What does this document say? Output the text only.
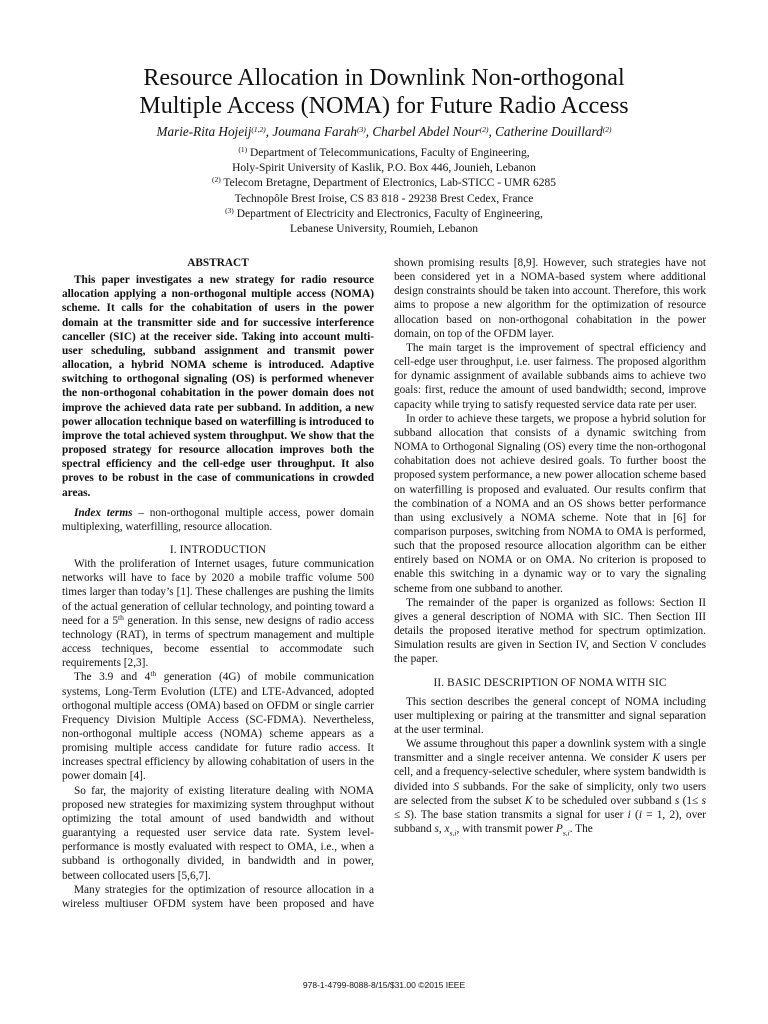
Resource Allocation in Downlink Non-orthogonal
Multiple Access (NOMA) for Future Radio Access
Marie-Rita Hojeij$^{(1,2)}$, Joumana Farah$^{(3)}$, Charbel Abdel Nour$^{(2)}$, Catherine Douillard$^{(2)}$
$^{(1)}$ Department of Telecommunications, Faculty of Engineering,
Holy-Spirit University of Kaslik, P.O. Box 446, Jounieh, Lebanon
$^{(2)}$ Telecom Bretagne, Department of Electronics, Lab-STICC - UMR 6285
Technopôle Brest Iroise, CS 83 818 - 29238 Brest Cedex, France
$^{(3)}$ Department of Electricity and Electronics, Faculty of Engineering,
Lebanese University, Roumieh, Lebanon
ABSTRACT

This paper investigates a new strategy for radio resource allocation applying a non-orthogonal multiple access (NOMA) scheme. It calls for the cohabitation of users in the power domain at the transmitter side and for successive interference canceller (SIC) at the receiver side. Taking into account multi-user scheduling, subband assignment and transmit power allocation, a hybrid NOMA scheme is introduced. Adaptive switching to orthogonal signaling (OS) is performed whenever the non-orthogonal cohabitation in the power domain does not improve the achieved data rate per subband. In addition, a new power allocation technique based on waterfilling is introduced to improve the total achieved system throughput. We show that the proposed strategy for resource allocation improves both the spectral efficiency and the cell-edge user throughput. It also proves to be robust in the case of communications in crowded areas.

Index terms – non-orthogonal multiple access, power domain multiplexing, waterfilling, resource allocation.

I. INTRODUCTION

With the proliferation of Internet usages, future communication networks will have to face by 2020 a mobile traffic volume 500 times larger than today’s [1]. These challenges are pushing the limits of the actual generation of cellular technology, and pointing toward a need for a 5th generation. In this sense, new designs of radio access technology (RAT), in terms of spectrum management and multiple access techniques, become essential to accommodate such requirements [2,3].

The 3.9 and 4th generation (4G) of mobile communication systems, Long-Term Evolution (LTE) and LTE-Advanced, adopted orthogonal multiple access (OMA) based on OFDM or single carrier Frequency Division Multiple Access (SC-FDMA). Nevertheless, non-orthogonal multiple access (NOMA) scheme appears as a promising multiple access candidate for future radio access. It increases spectral efficiency by allowing cohabitation of users in the power domain [4].

So far, the majority of existing literature dealing with NOMA proposed new strategies for maximizing system throughput without optimizing the total amount of used bandwidth and without guarantying a requested user service data rate. System level-performance is mostly evaluated with respect to OMA, i.e., when a subband is orthogonally divided, in bandwidth and in power, between collocated users [5,6,7].

Many strategies for the optimization of resource allocation in a wireless multiuser OFDM system have been proposed and have

shown promising results [8,9]. However, such strategies have not been considered yet in a NOMA-based system where additional design constraints should be taken into account. Therefore, this work aims to propose a new algorithm for the optimization of resource allocation based on non-orthogonal cohabitation in the power domain, on top of the OFDM layer.

The main target is the improvement of spectral efficiency and cell-edge user throughput, i.e. user fairness. The proposed algorithm for dynamic assignment of available subbands aims to achieve two goals: first, reduce the amount of used bandwidth; second, improve capacity while trying to satisfy requested service data rate per user.

In order to achieve these targets, we propose a hybrid solution for subband allocation that consists of a dynamic switching from NOMA to Orthogonal Signaling (OS) every time the non-orthogonal cohabitation does not achieve desired goals. To further boost the proposed system performance, a new power allocation scheme based on waterfilling is proposed and evaluated. Our results confirm that the combination of a NOMA and an OS shows better performance than using exclusively a NOMA scheme. Note that in [6] for comparison purposes, switching from NOMA to OMA is performed, such that the proposed resource allocation algorithm can be either entirely based on NOMA or on OMA. No criterion is proposed to enable this switching in a dynamic way or to vary the signaling scheme from one subband to another.

The remainder of the paper is organized as follows: Section II gives a general description of NOMA with SIC. Then Section III details the proposed iterative method for spectrum optimization. Simulation results are given in Section IV, and Section V concludes the paper.

II. BASIC DESCRIPTION OF NOMA WITH SIC

This section describes the general concept of NOMA including user multiplexing or pairing at the transmitter and signal separation at the user terminal.

We assume throughout this paper a downlink system with a single transmitter and a single receiver antenna. We consider K users per cell, and a frequency-selective scheduler, where system bandwidth is divided into S subbands. For the sake of simplicity, only two users are selected from the subset K to be scheduled over subband s (1≤ s ≤ S). The base station transmits a signal for user i (i = 1, 2), over subband s, $x_{s,i}$, with transmit power $P_{s,i}$. The

978-1-4799-8088-8/15/$31.00 ©2015 IEEE
